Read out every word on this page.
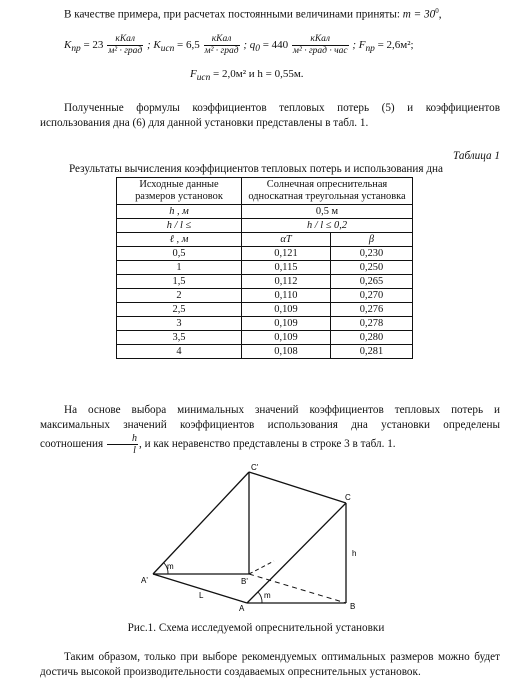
В качестве примера, при расчетах постоянными величинами приняты: $m = 30^0$,

$K_{пр} = 23 \frac{\text{кКал}}{\text{м² · град}}$ ; $K_{исп} = 6,5 \frac{\text{кКал}}{\text{м² · град}}$ ; $q_0 = 440 \frac{\text{кКал}}{\text{м² · град · час}}$ ; $F_{пр} = 2,6м^2$;
$F_{исп} = 2,0м^2$ и h = 0,55м.

Полученные формулы коэффициентов тепловых потерь (5) и коэффициентов использования дна (6) для данной установки представлены в табл. 1.

Таблица 1
Результаты вычисления коэффициентов тепловых потерь и использования дна
Исходные данные размеров установок	Солнечная опреснительная односкатная треугольная установка	
h , м	0,5 м	
h / l ≤	h / l ≤ 0,2	
ℓ , м	αT	β
0,5	0,121	0,230
1	0,115	0,250
1,5	0,112	0,265
2	0,110	0,270
2,5	0,109	0,276
3	0,109	0,278
3,5	0,109	0,280
4	0,108	0,281

На основе выбора минимальных значений коэффициентов тепловых потерь и максимальных значений коэффициентов использования дна установки определены соотношения $\frac{h}{l}$ , и как неравенство представлены в строке 3 в табл. 1.

C'
C
A'	B'
A	B
h
L
m
m
Рис.1. Схема исследуемой опреснительной установки

Таким образом, только при выборе рекомендуемых оптимальных размеров можно будет достичь высокой производительности создаваемых опреснительных установок.
